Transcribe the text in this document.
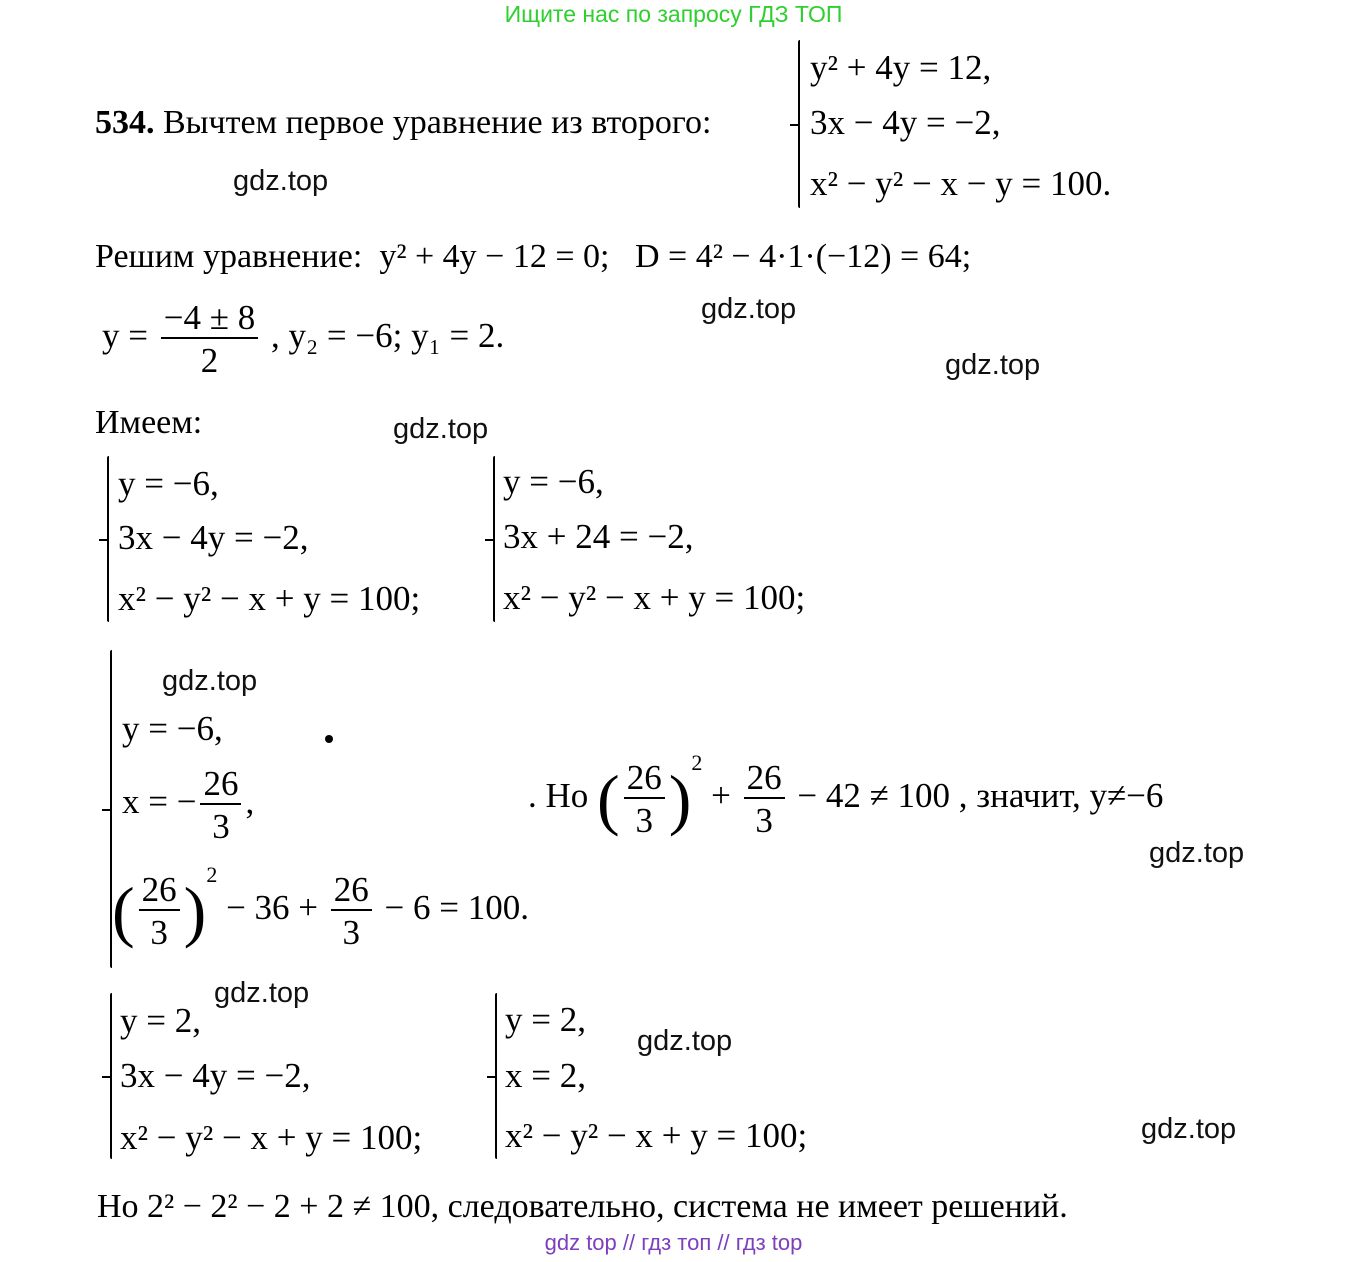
Ищите нас по запросу ГДЗ ТОП
534. Вычтем первое уравнение из второго:
y² + 4y = 12,
3x − 4y = −2,
x² − y² − x − y = 100.
Решим уравнение: y² + 4y − 12 = 0; D = 4² − 4·1·(−12) = 64;
$y = \frac{-4 \pm 8}{2}$ , y₂ = −6; y₁ = 2.
Имеем:
y = −6,
3x − 4y = −2,
x² − y² − x + y = 100;
y = −6,
3x + 24 = −2,
x² − y² − x + y = 100;
y = −6,
x = − $\frac{26}{3}$ ,
( $\frac{26}{3} )^2 - 36 + \frac{26}{3} - 6 = 100$.
. Но ( $\frac{26}{3} )^2 + \frac{26}{3} - 42 \ne 100$ , значит, y≠−6
y = 2,
3x − 4y = −2,
x² − y² − x + y = 100;
y = 2,
x = 2,
x² − y² − x + y = 100;
Но 2² − 2² − 2 + 2 ≠ 100, следовательно, система не имеет решений.
gdz.top
gdz.top
gdz.top
gdz.top
gdz.top
gdz.top
gdz.top
gdz.top
gdz.top
gdz top // гдз топ // гдз top
